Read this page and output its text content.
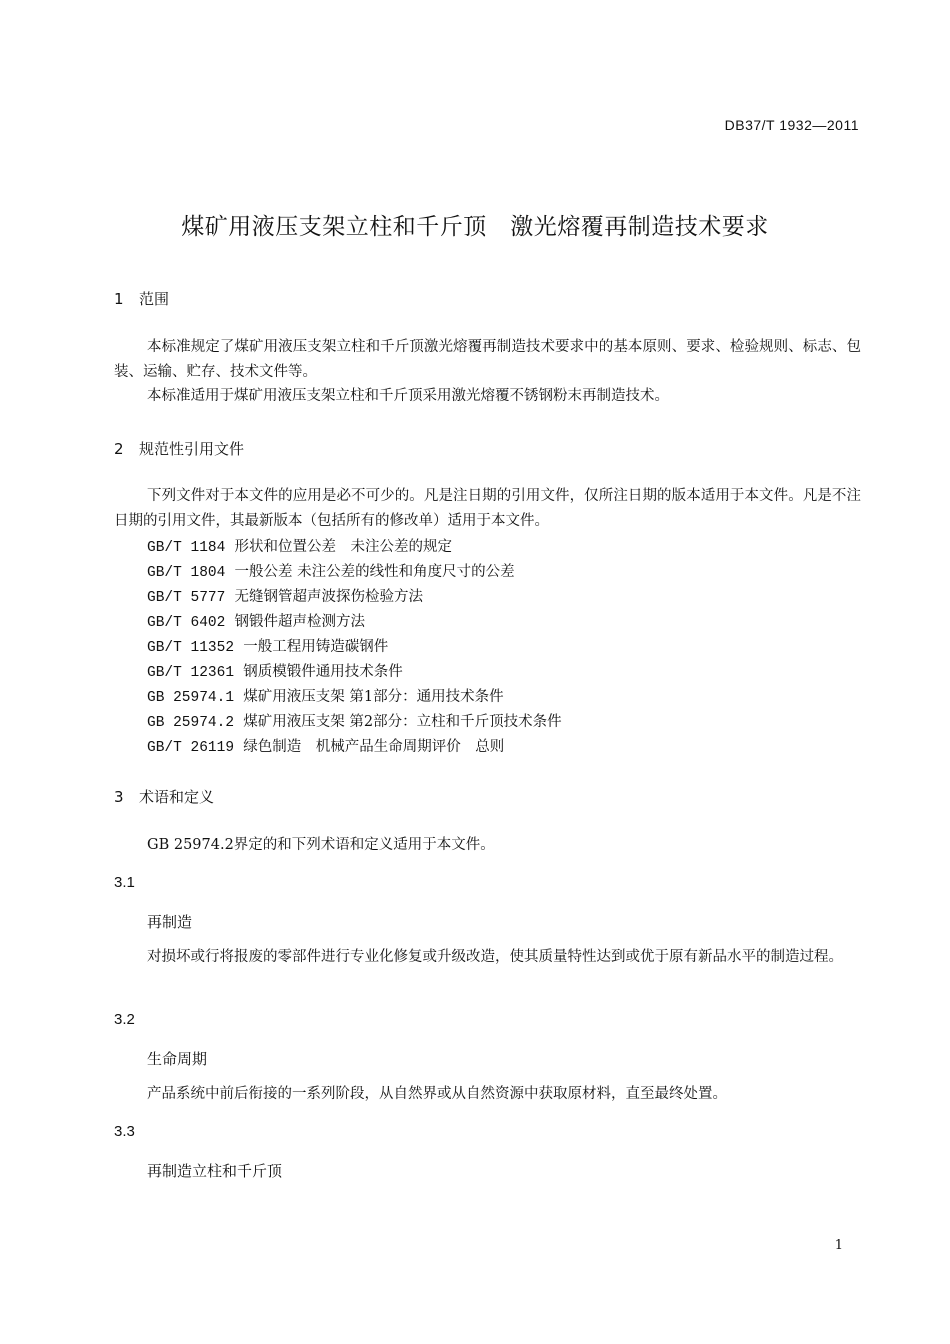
DB37/T 1932—2011
煤矿用液压支架立柱和千斤顶　激光熔覆再制造技术要求
1 范围
本标准规定了煤矿用液压支架立柱和千斤顶激光熔覆再制造技术要求中的基本原则、要求、检验规则、标志、包装、运输、贮存、技术文件等。
本标准适用于煤矿用液压支架立柱和千斤顶采用激光熔覆不锈钢粉末再制造技术。
2 规范性引用文件
下列文件对于本文件的应用是必不可少的。凡是注日期的引用文件，仅所注日期的版本适用于本文件。凡是不注日期的引用文件，其最新版本（包括所有的修改单）适用于本文件。
GB/T 1184 形状和位置公差　未注公差的规定
GB/T 1804 一般公差 未注公差的线性和角度尺寸的公差
GB/T 5777 无缝钢管超声波探伤检验方法
GB/T 6402 钢锻件超声检测方法
GB/T 11352 一般工程用铸造碳钢件
GB/T 12361 钢质模锻件通用技术条件
GB 25974.1 煤矿用液压支架 第1部分：通用技术条件
GB 25974.2 煤矿用液压支架 第2部分：立柱和千斤顶技术条件
GB/T 26119 绿色制造　机械产品生命周期评价　总则
3 术语和定义
GB 25974.2界定的和下列术语和定义适用于本文件。
3.1
再制造
对损坏或行将报废的零部件进行专业化修复或升级改造，使其质量特性达到或优于原有新品水平的制造过程。
3.2
生命周期
产品系统中前后衔接的一系列阶段，从自然界或从自然资源中获取原材料，直至最终处置。
3.3
再制造立柱和千斤顶
1
